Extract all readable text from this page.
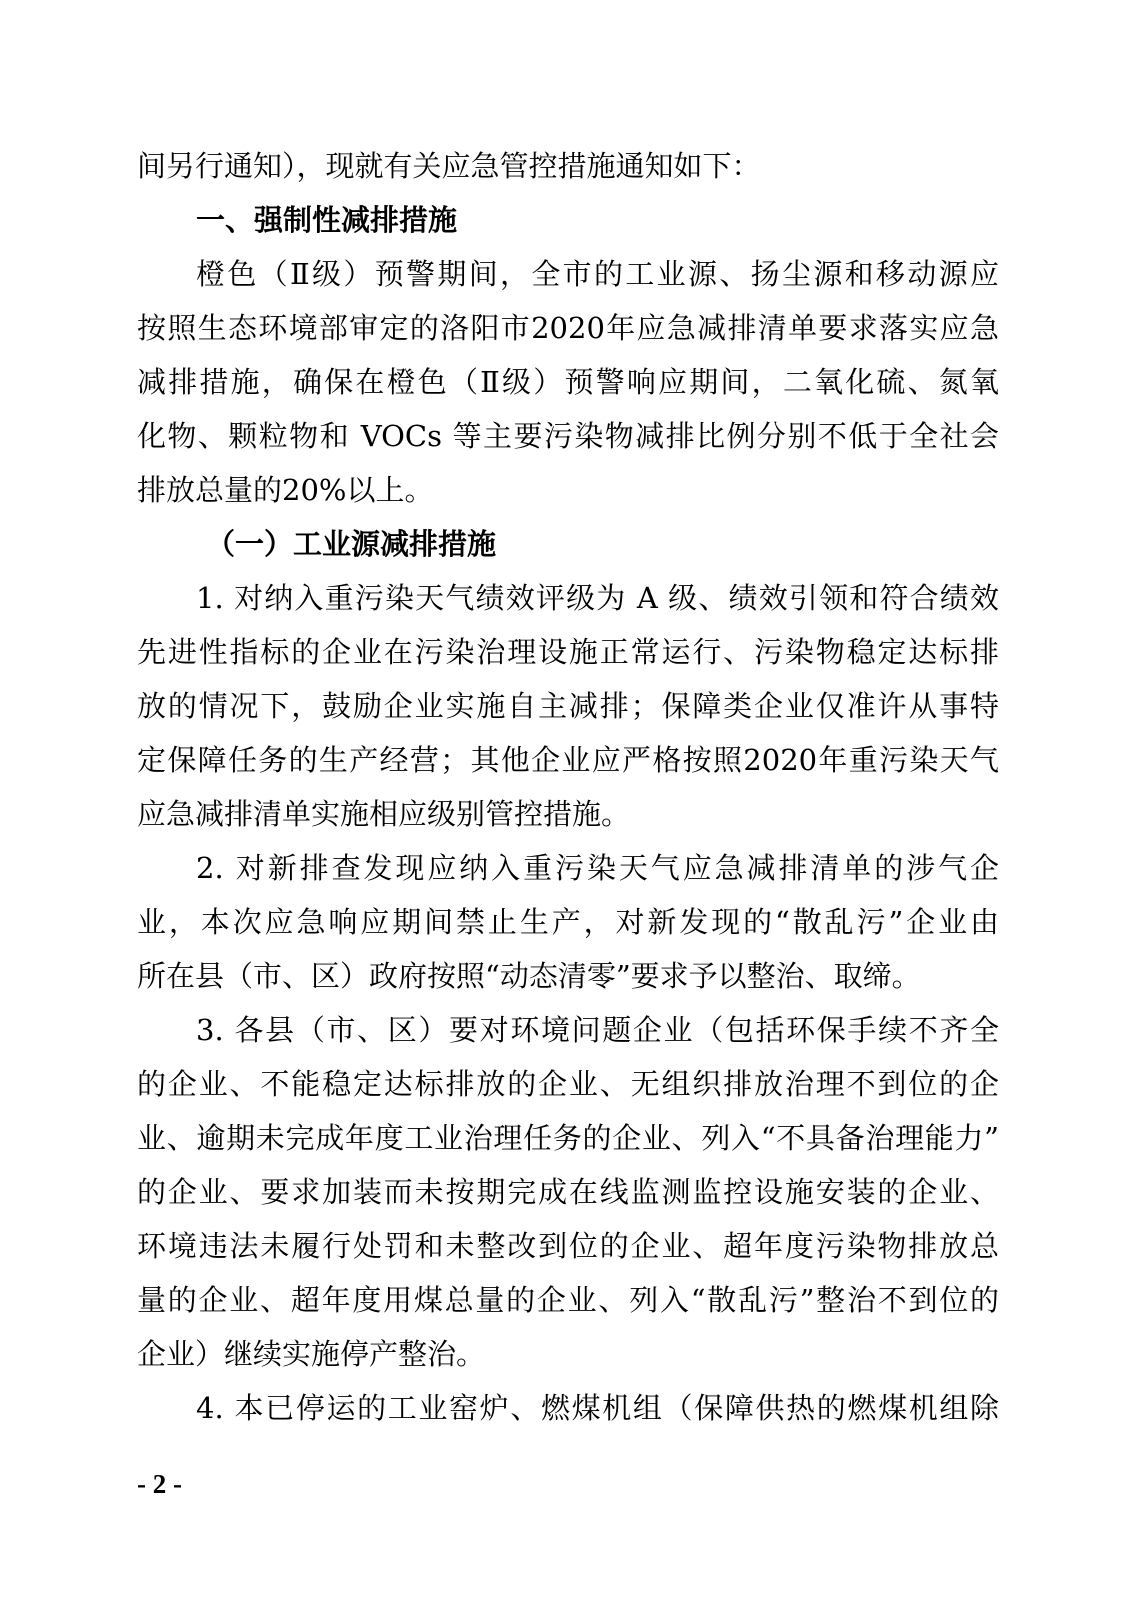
间另行通知），现就有关应急管控措施通知如下：
一、强制性减排措施
橙色（Ⅱ级）预警期间，全市的工业源、扬尘源和移动源应
按照生态环境部审定的洛阳市2020年应急减排清单要求落实应急
减排措施，确保在橙色（Ⅱ级）预警响应期间，二氧化硫、氮氧
化物、颗粒物和 VOCs 等主要污染物减排比例分别不低于全社会
排放总量的20%以上。
（一）工业源减排措施
1. 对纳入重污染天气绩效评级为 A 级、绩效引领和符合绩效
先进性指标的企业在污染治理设施正常运行、污染物稳定达标排
放的情况下，鼓励企业实施自主减排；保障类企业仅准许从事特
定保障任务的生产经营；其他企业应严格按照2020年重污染天气
应急减排清单实施相应级别管控措施。
2. 对新排查发现应纳入重污染天气应急减排清单的涉气企
业，本次应急响应期间禁止生产，对新发现的“散乱污”企业由
所在县（市、区）政府按照“动态清零”要求予以整治、取缔。
3. 各县（市、区）要对环境问题企业（包括环保手续不齐全
的企业、不能稳定达标排放的企业、无组织排放治理不到位的企
业、逾期未完成年度工业治理任务的企业、列入“不具备治理能力”
的企业、要求加装而未按期完成在线监测监控设施安装的企业、
环境违法未履行处罚和未整改到位的企业、超年度污染物排放总
量的企业、超年度用煤总量的企业、列入“散乱污”整治不到位的
企业）继续实施停产整治。
4. 本已停运的工业窑炉、燃煤机组（保障供热的燃煤机组除
- 2 -
